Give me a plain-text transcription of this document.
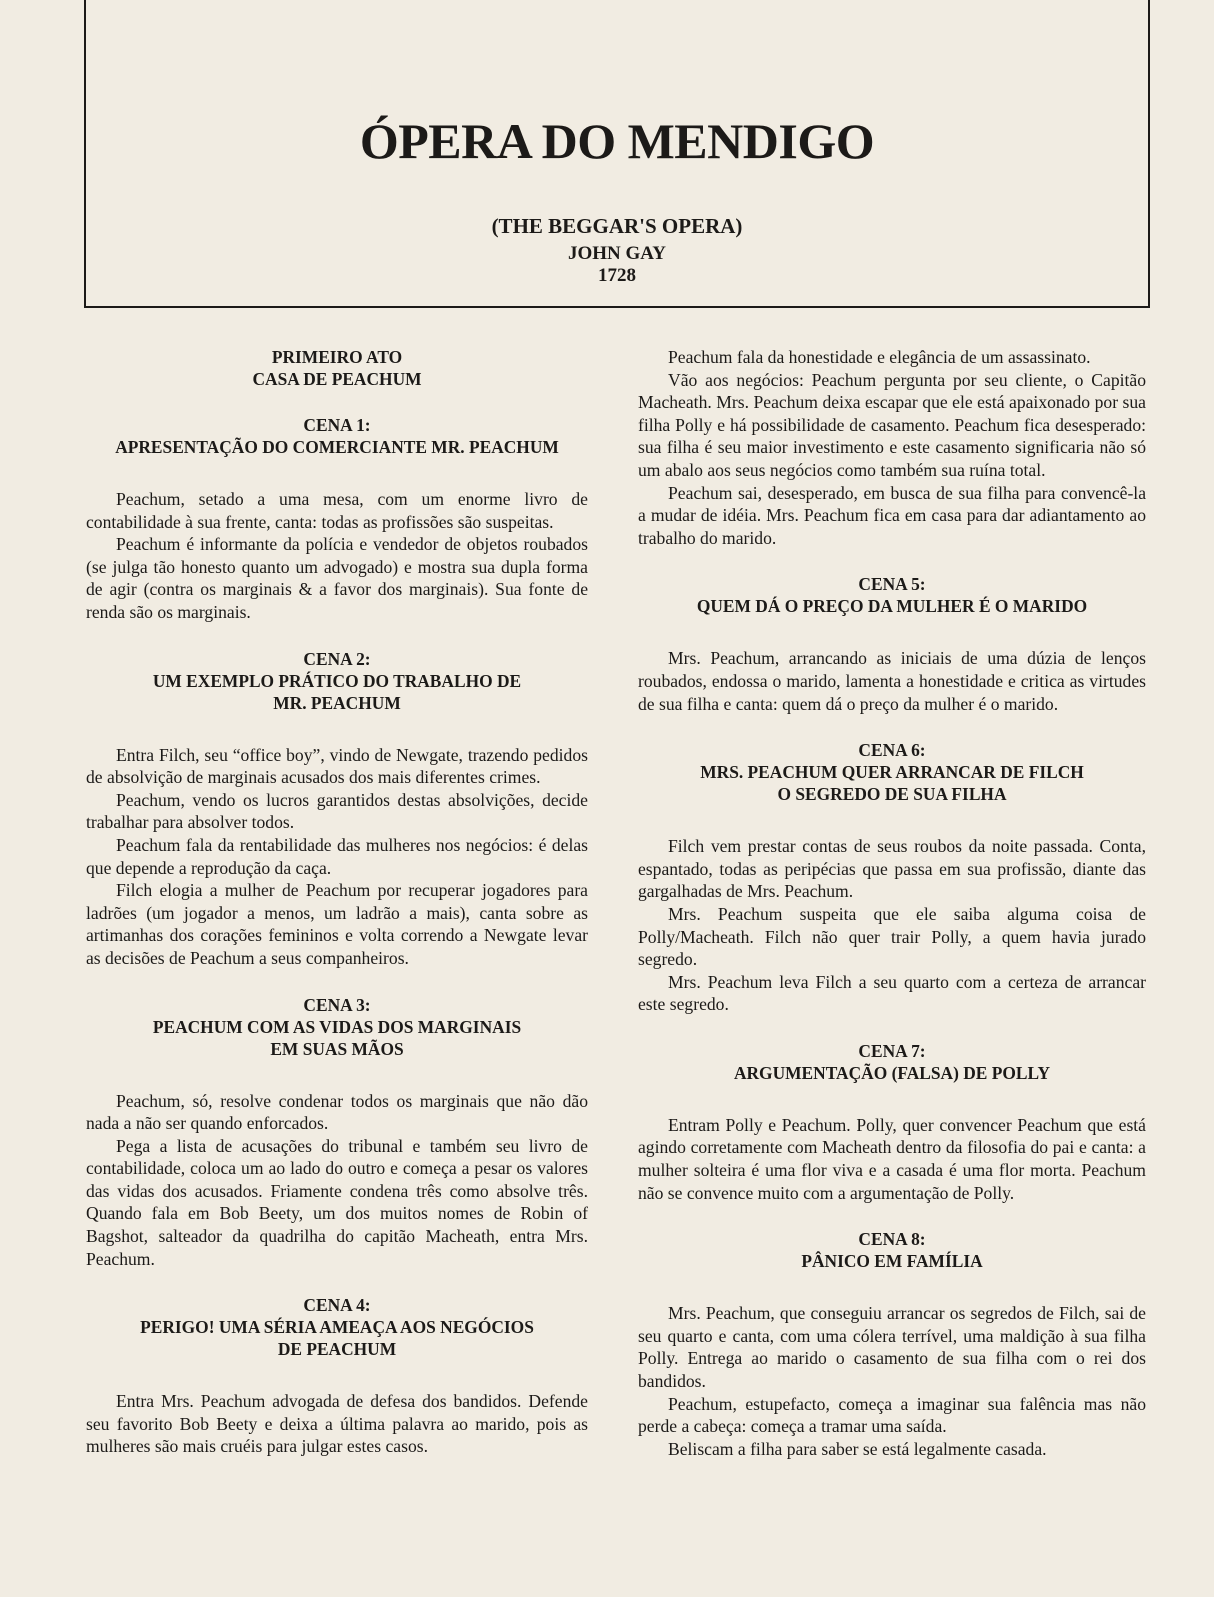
ÓPERA DO MENDIGO
(THE BEGGAR'S OPERA)
JOHN GAY
1728
PRIMEIRO ATO
CASA DE PEACHUM
CENA 1:
APRESENTAÇÃO DO COMERCIANTE MR. PEACHUM

Peachum, setado a uma mesa, com um enorme livro de contabilidade à sua frente, canta: todas as profissões são suspeitas.

Peachum é informante da polícia e vendedor de objetos roubados (se julga tão honesto quanto um advogado) e mostra sua dupla forma de agir (contra os marginais & a favor dos marginais). Sua fonte de renda são os marginais.

CENA 2:
UM EXEMPLO PRÁTICO DO TRABALHO DE
MR. PEACHUM

Entra Filch, seu “office boy”, vindo de Newgate, trazendo pedidos de absolvição de marginais acusados dos mais diferentes crimes.

Peachum, vendo os lucros garantidos destas absolvições, decide trabalhar para absolver todos.

Peachum fala da rentabilidade das mulheres nos negócios: é delas que depende a reprodução da caça.

Filch elogia a mulher de Peachum por recuperar jogadores para ladrões (um jogador a menos, um ladrão a mais), canta sobre as artimanhas dos corações femininos e volta correndo a Newgate levar as decisões de Peachum a seus companheiros.

CENA 3:
PEACHUM COM AS VIDAS DOS MARGINAIS
EM SUAS MÃOS

Peachum, só, resolve condenar todos os marginais que não dão nada a não ser quando enforcados.

Pega a lista de acusações do tribunal e também seu livro de contabilidade, coloca um ao lado do outro e começa a pesar os valores das vidas dos acusados. Friamente condena três como absolve três. Quando fala em Bob Beety, um dos muitos nomes de Robin of Bagshot, salteador da quadrilha do capitão Macheath, entra Mrs. Peachum.

CENA 4:
PERIGO! UMA SÉRIA AMEAÇA AOS NEGÓCIOS
DE PEACHUM

Entra Mrs. Peachum advogada de defesa dos bandidos. Defende seu favorito Bob Beety e deixa a última palavra ao marido, pois as mulheres são mais cruéis para julgar estes casos.

Peachum fala da honestidade e elegância de um assassinato.

Vão aos negócios: Peachum pergunta por seu cliente, o Capitão Macheath. Mrs. Peachum deixa escapar que ele está apaixonado por sua filha Polly e há possibilidade de casamento. Peachum fica desesperado: sua filha é seu maior investimento e este casamento significaria não só um abalo aos seus negócios como também sua ruína total.

Peachum sai, desesperado, em busca de sua filha para convencê-la a mudar de idéia. Mrs. Peachum fica em casa para dar adiantamento ao trabalho do marido.

CENA 5:
QUEM DÁ O PREÇO DA MULHER É O MARIDO

Mrs. Peachum, arrancando as iniciais de uma dúzia de lenços roubados, endossa o marido, lamenta a honestidade e critica as virtudes de sua filha e canta: quem dá o preço da mulher é o marido.

CENA 6:
MRS. PEACHUM QUER ARRANCAR DE FILCH
O SEGREDO DE SUA FILHA

Filch vem prestar contas de seus roubos da noite passada. Conta, espantado, todas as peripécias que passa em sua profissão, diante das gargalhadas de Mrs. Peachum.

Mrs. Peachum suspeita que ele saiba alguma coisa de Polly/Macheath. Filch não quer trair Polly, a quem havia jurado segredo.

Mrs. Peachum leva Filch a seu quarto com a certeza de arrancar este segredo.

CENA 7:
ARGUMENTAÇÃO (FALSA) DE POLLY

Entram Polly e Peachum. Polly, quer convencer Peachum que está agindo corretamente com Macheath dentro da filosofia do pai e canta: a mulher solteira é uma flor viva e a casada é uma flor morta. Peachum não se convence muito com a argumentação de Polly.

CENA 8:
PÂNICO EM FAMÍLIA

Mrs. Peachum, que conseguiu arrancar os segredos de Filch, sai de seu quarto e canta, com uma cólera terrível, uma maldição à sua filha Polly. Entrega ao marido o casamento de sua filha com o rei dos bandidos.

Peachum, estupefacto, começa a imaginar sua falência mas não perde a cabeça: começa a tramar uma saída.

Beliscam a filha para saber se está legalmente casada.
